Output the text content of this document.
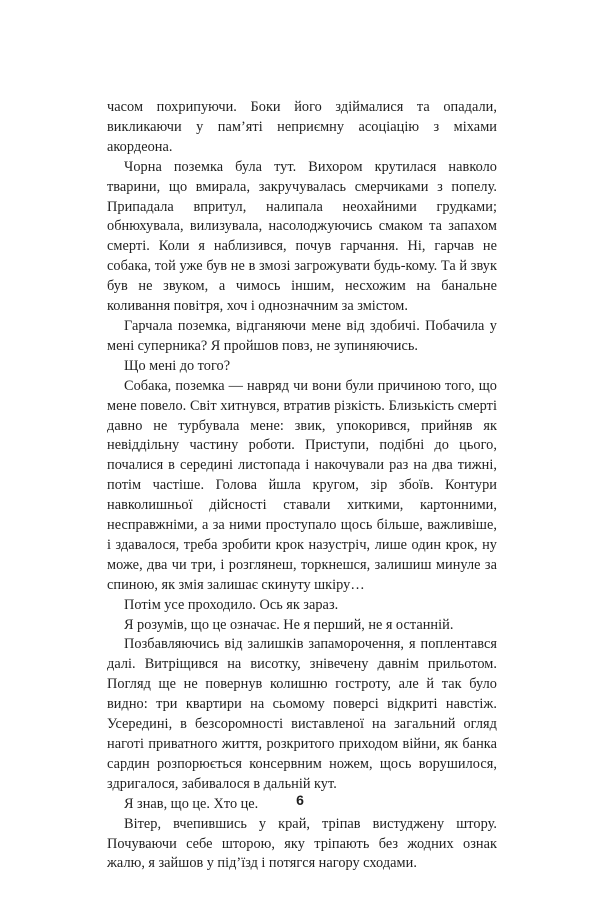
часом похрипуючи. Боки його здіймалися та опадали, викликаючи у пам’яті неприємну асоціацію з міхами акордеона.

Чорна поземка була тут. Вихором крутилася навколо тварини, що вмирала, закручувалась смерчиками з попелу. Припадала впритул, налипала неохайними грудками; обнюхувала, вилизувала, насолоджуючись смаком та запахом смерті. Коли я наблизився, почув гарчання. Ні, гарчав не собака, той уже був не в змозі загрожувати будь-кому. Та й звук був не звуком, а чимось іншим, несхожим на банальне коливання повітря, хоч і однозначним за змістом.

Гарчала поземка, відганяючи мене від здобичі. Побачила у мені суперника? Я пройшов повз, не зупиняючись.

Що мені до того?

Собака, поземка — навряд чи вони були причиною того, що мене повело. Світ хитнувся, втратив різкість. Близькість смерті давно не турбувала мене: звик, упокорився, прийняв як невіддільну частину роботи. Приступи, подібні до цього, почалися в середині листопада і накочували раз на два тижні, потім частіше. Голова йшла кругом, зір збоїв. Контури навколишньої дійсності ставали хиткими, картонними, несправжніми, а за ними проступало щось більше, важливіше, і здавалося, треба зробити крок назустріч, лише один крок, ну може, два чи три, і розглянеш, торкнешся, залишиш минуле за спиною, як змія залишає скинуту шкіру…

Потім усе проходило. Ось як зараз.

Я розумів, що це означає. Не я перший, не я останній.

Позбавляючись від залишків запаморочення, я поплентався далі. Витріщився на висотку, знівечену давнім прильотом. Погляд ще не повернув колишню гостроту, але й так було видно: три квартири на сьомому поверсі відкриті навстіж. Усередині, в безсоромності виставленої на загальний огляд наготі приватного життя, розкритого приходом війни, як банка сардин розпорюється консервним ножем, щось ворушилося, здригалося, забивалося в дальній кут.

Я знав, що це. Хто це.

Вітер, вчепившись у край, тріпав вистуджену штору. Почуваючи себе шторою, яку тріпають без жодних ознак жалю, я зайшов у під’їзд і потягся нагору сходами.

6
